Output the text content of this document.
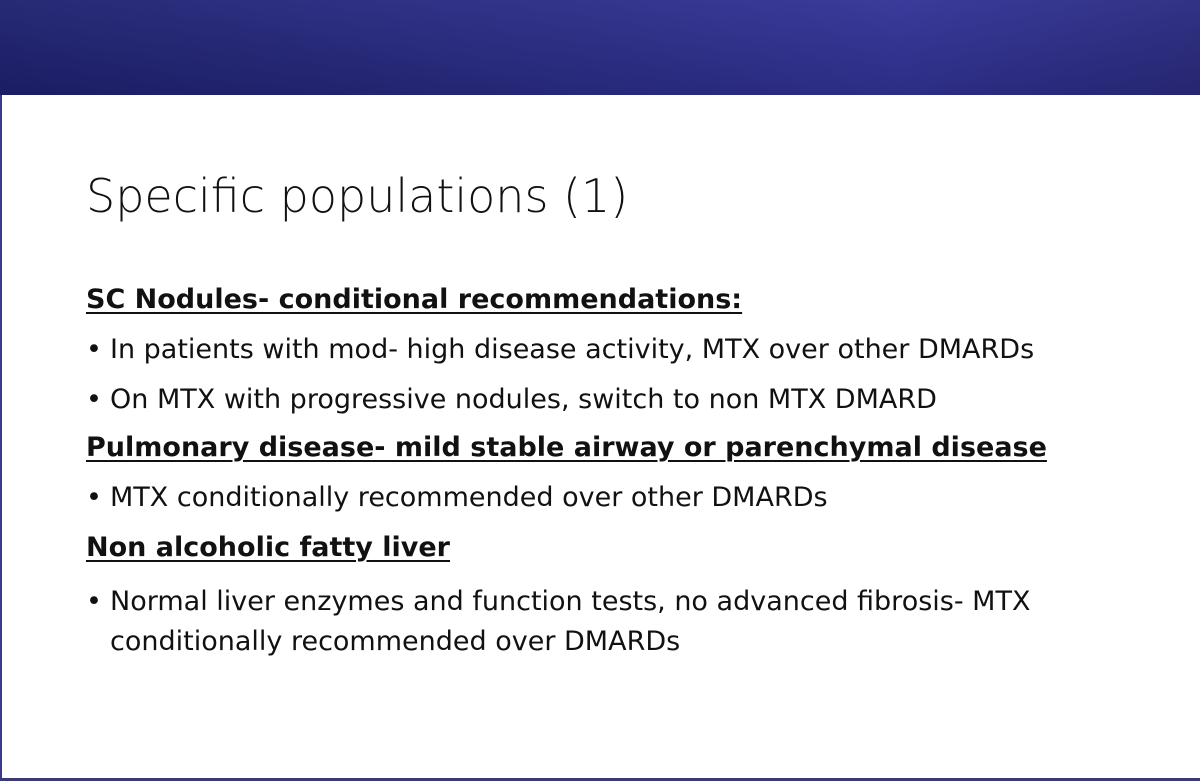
Specific populations (1)
SC Nodules- conditional recommendations:
• In patients with mod- high disease activity, MTX over other DMARDs
• On MTX with progressive nodules, switch to non MTX DMARD
Pulmonary disease- mild stable airway or parenchymal disease
• MTX conditionally recommended over other DMARDs
Non alcoholic fatty liver
• Normal liver enzymes and function tests, no advanced fibrosis- MTX conditionally recommended over DMARDs
